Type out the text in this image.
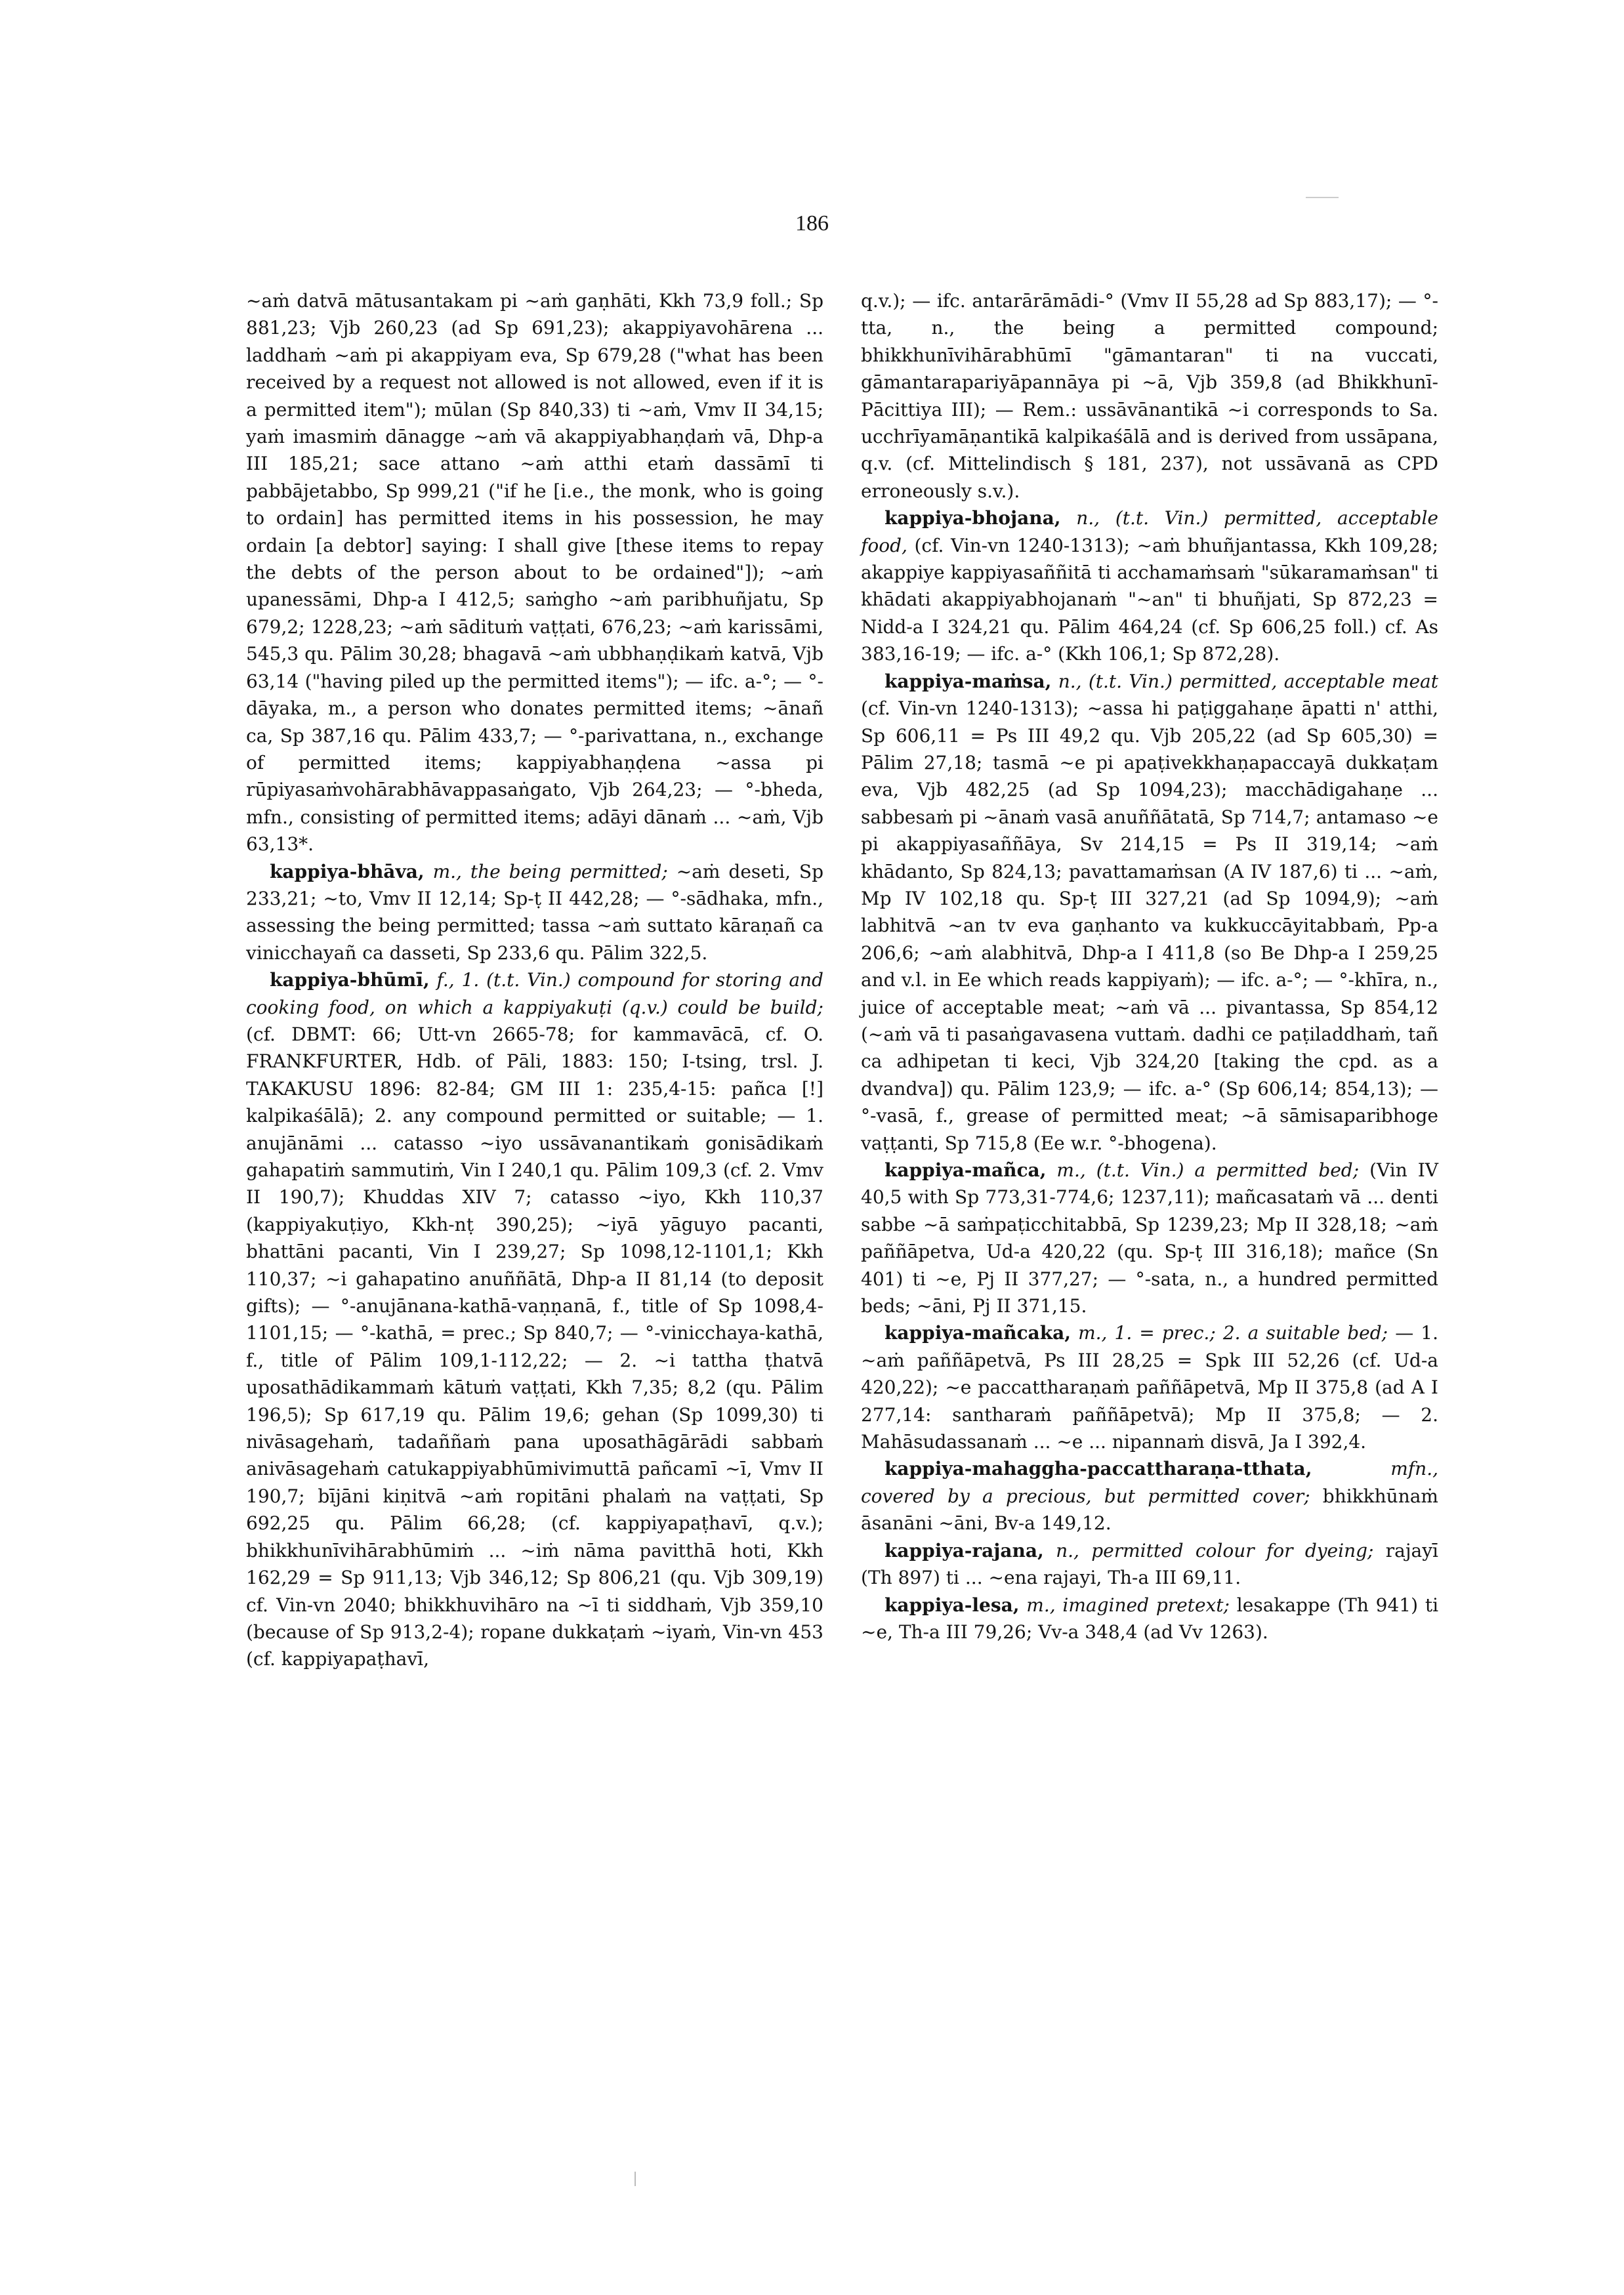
186

~aṁ datvā mātusantakam pi ~aṁ gaṇhāti, Kkh 73,9 foll.; Sp 881,23; Vjb 260,23 (ad Sp 691,23); akappiyavohārena ... laddhaṁ ~aṁ pi akappiyam eva, Sp 679,28 ("what has been received by a request not allowed is not allowed, even if it is a permitted item"); mūlan (Sp 840,33) ti ~aṁ, Vmv II 34,15; yaṁ imasmiṁ dānagge ~aṁ vā akappiyabhaṇḍaṁ vā, Dhp-a III 185,21; sace attano ~aṁ atthi etaṁ dassāmī ti pabbājetabbo, Sp 999,21 ("if he [i.e., the monk, who is going to ordain] has permitted items in his possession, he may ordain [a debtor] saying: I shall give [these items to repay the debts of the person about to be ordained"]); ~aṁ upanessāmi, Dhp-a I 412,5; saṁgho ~aṁ paribhuñjatu, Sp 679,2; 1228,23; ~aṁ sādituṁ vaṭṭati, 676,23; ~aṁ karissāmi, 545,3 qu. Pālim 30,28; bhagavā ~aṁ ubbhaṇḍikaṁ katvā, Vjb 63,14 ("having piled up the permitted items"); — ifc. a-°; — °-dāyaka, m., a person who donates permitted items; ~ānañ ca, Sp 387,16 qu. Pālim 433,7; — °-parivattana, n., exchange of permitted items; kappiyabhaṇḍena ~assa pi rūpiyasaṁvohārabhāvappasaṅgato, Vjb 264,23; — °-bheda, mfn., consisting of permitted items; adāyi dānaṁ ... ~aṁ, Vjb 63,13*.

kappiya-bhāva, m., the being permitted; ~aṁ deseti, Sp 233,21; ~to, Vmv II 12,14; Sp-ṭ II 442,28; — °-sādhaka, mfn., assessing the being permitted; tassa ~aṁ suttato kāraṇañ ca vinicchayañ ca dasseti, Sp 233,6 qu. Pālim 322,5.

kappiya-bhūmī, f., 1. (t.t. Vin.) compound for storing and cooking food, on which a kappiyakuṭi (q.v.) could be build; (cf. DBMT: 66; Utt-vn 2665-78; for kammavācā, cf. O. FRANKFURTER, Hdb. of Pāli, 1883: 150; I-tsing, trsl. J. TAKAKUSU 1896: 82-84; GM III 1: 235,4-15: pañca [!] kalpikaśālā); 2. any compound permitted or suitable; — 1. anujānāmi ... catasso ~iyo ussāvanantikaṁ gonisādikaṁ gahapatiṁ sammutiṁ, Vin I 240,1 qu. Pālim 109,3 (cf. 2. Vmv II 190,7); Khuddas XIV 7; catasso ~iyo, Kkh 110,37 (kappiyakuṭiyo, Kkh-nṭ 390,25); ~iyā yāguyo pacanti, bhattāni pacanti, Vin I 239,27; Sp 1098,12-1101,1; Kkh 110,37; ~i gahapatino anuññātā, Dhp-a II 81,14 (to deposit gifts); — °-anujānana-kathā-vaṇṇanā, f., title of Sp 1098,4-1101,15; — °-kathā, = prec.; Sp 840,7; — °-vinicchaya-kathā, f., title of Pālim 109,1-112,22; — 2. ~i tattha ṭhatvā uposathādikammaṁ kātuṁ vaṭṭati, Kkh 7,35; 8,2 (qu. Pālim 196,5); Sp 617,19 qu. Pālim 19,6; gehan (Sp 1099,30) ti nivāsagehaṁ, tadaññaṁ pana uposathāgārādi sabbaṁ anivāsagehaṁ catukappiyabhūmivimuttā pañcamī ~ī, Vmv II 190,7; bījāni kiṇitvā ~aṁ ropitāni phalaṁ na vaṭṭati, Sp 692,25 qu. Pālim 66,28; (cf. kappiyapaṭhavī, q.v.); bhikkhunīvihārabhūmiṁ ... ~iṁ nāma pavitthā hoti, Kkh 162,29 = Sp 911,13; Vjb 346,12; Sp 806,21 (qu. Vjb 309,19) cf. Vin-vn 2040; bhikkhuvihāro na ~ī ti siddhaṁ, Vjb 359,10 (because of Sp 913,2-4); ropane dukkaṭaṁ ~iyaṁ, Vin-vn 453 (cf. kappiyapaṭhavī,

q.v.); — ifc. antarārāmādi-° (Vmv II 55,28 ad Sp 883,17); — °-tta, n., the being a permitted compound; bhikkhunīvihārabhūmī "gāmantaran" ti na vuccati, gāmantarapariyāpannāya pi ~ā, Vjb 359,8 (ad Bhikkhunī-Pācittiya III); — Rem.: ussāvānantikā ~i corresponds to Sa. ucchrīyamāṇantikā kalpikaśālā and is derived from ussāpana, q.v. (cf. Mittelindisch § 181, 237), not ussāvanā as CPD erroneously s.v.).

kappiya-bhojana, n., (t.t. Vin.) permitted, acceptable food, (cf. Vin-vn 1240-1313); ~aṁ bhuñjantassa, Kkh 109,28; akappiye kappiyasaññitā ti acchamaṁsaṁ "sūkaramaṁsan" ti khādati akappiyabhojanaṁ "~an" ti bhuñjati, Sp 872,23 = Nidd-a I 324,21 qu. Pālim 464,24 (cf. Sp 606,25 foll.) cf. As 383,16-19; — ifc. a-° (Kkh 106,1; Sp 872,28).

kappiya-maṁsa, n., (t.t. Vin.) permitted, acceptable meat (cf. Vin-vn 1240-1313); ~assa hi paṭiggahaṇe āpatti n' atthi, Sp 606,11 = Ps III 49,2 qu. Vjb 205,22 (ad Sp 605,30) = Pālim 27,18; tasmā ~e pi apaṭivekkhaṇapaccayā dukkaṭam eva, Vjb 482,25 (ad Sp 1094,23); macchādigahaṇe ... sabbesaṁ pi ~ānaṁ vasā anuññātatā, Sp 714,7; antamaso ~e pi akappiyasaññāya, Sv 214,15 = Ps II 319,14; ~aṁ khādanto, Sp 824,13; pavattamaṁsan (A IV 187,6) ti ... ~aṁ, Mp IV 102,18 qu. Sp-ṭ III 327,21 (ad Sp 1094,9); ~aṁ labhitvā ~an tv eva gaṇhanto va kukkuccāyitabbaṁ, Pp-a 206,6; ~aṁ alabhitvā, Dhp-a I 411,8 (so Be Dhp-a I 259,25 and v.l. in Ee which reads kappiyaṁ); — ifc. a-°; — °-khīra, n., juice of acceptable meat; ~aṁ vā ... pivantassa, Sp 854,12 (~aṁ vā ti pasaṅgavasena vuttaṁ. dadhi ce paṭiladdhaṁ, tañ ca adhipetan ti keci, Vjb 324,20 [taking the cpd. as a dvandva]) qu. Pālim 123,9; — ifc. a-° (Sp 606,14; 854,13); — °-vasā, f., grease of permitted meat; ~ā sāmisaparibhoge vaṭṭanti, Sp 715,8 (Ee w.r. °-bhogena).

kappiya-mañca, m., (t.t. Vin.) a permitted bed; (Vin IV 40,5 with Sp 773,31-774,6; 1237,11); mañcasataṁ vā ... denti sabbe ~ā saṁpaṭicchitabbā, Sp 1239,23; Mp II 328,18; ~aṁ paññāpetva, Ud-a 420,22 (qu. Sp-ṭ III 316,18); mañce (Sn 401) ti ~e, Pj II 377,27; — °-sata, n., a hundred permitted beds; ~āni, Pj II 371,15.

kappiya-mañcaka, m., 1. = prec.; 2. a suitable bed; — 1. ~aṁ paññāpetvā, Ps III 28,25 = Spk III 52,26 (cf. Ud-a 420,22); ~e paccattharaṇaṁ paññāpetvā, Mp II 375,8 (ad A I 277,14: santharaṁ paññāpetvā); Mp II 375,8; — 2. Mahāsudassanaṁ ... ~e ... nipannaṁ disvā, Ja I 392,4.

kappiya-mahaggha-paccattharaṇa-tthata,	mfn., covered by a precious, but permitted cover; bhikkhūnaṁ āsanāni ~āni, Bv-a 149,12.

kappiya-rajana, n., permitted colour for dyeing; rajayī (Th 897) ti ... ~ena rajayi, Th-a III 69,11.

kappiya-lesa, m., imagined pretext; lesakappe (Th 941) ti ~e, Th-a III 79,26; Vv-a 348,4 (ad Vv 1263).
